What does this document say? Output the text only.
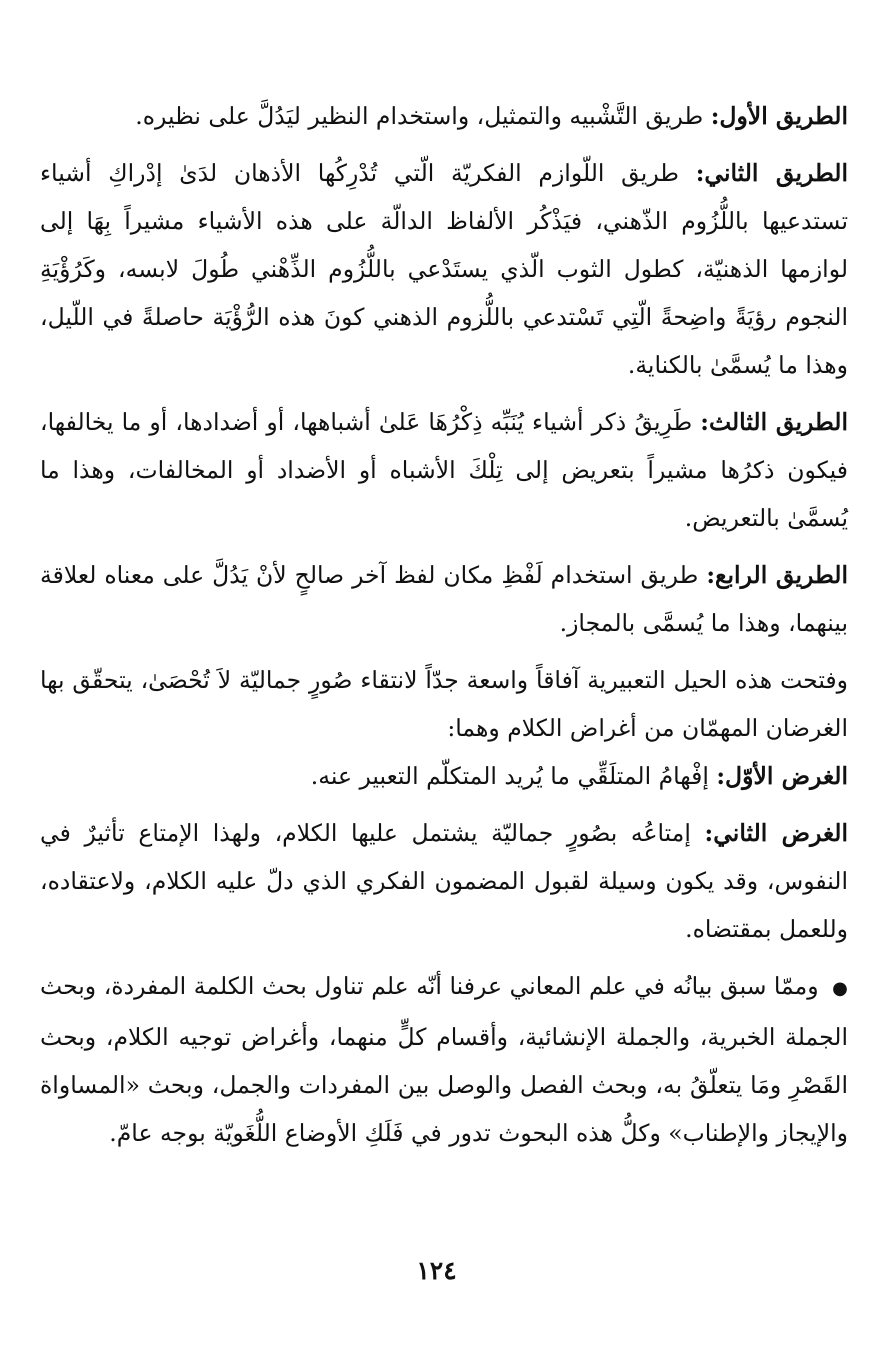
الطريق الأول: طريق التَّشْبيه والتمثيل، واستخدام النظير ليَدُلَّ على نظيره.

الطريق الثاني: طريق اللّوازم الفكريّة الّتي تُدْرِكُها الأذهان لدَىٰ إدْراكِ أشياء تستدعيها باللُّزُوم الذّهني، فيَذْكُر الألفاظ الدالّة على هذه الأشياء مشيراً بِهَا إلى لوازمها الذهنيّة، كطول الثوب الّذي يستَدْعي باللُّزُوم الذِّهْني طُولَ لابسه، وكَرُؤْيَةِ النجوم رؤيَةً واضِحةً الّتِي تَسْتدعي باللُّزوم الذهني كونَ هذه الرُّؤْيَة حاصلةً في اللّيل، وهذا ما يُسمَّىٰ بالكناية.

الطريق الثالث: طَرِيقُ ذكر أشياء يُنَبِّه ذِكْرُهَا عَلىٰ أشباهها، أو أضدادها، أو ما يخالفها، فيكون ذكرُها مشيراً بتعريض إلى تِلْكَ الأشباه أو الأضداد أو المخالفات، وهذا ما يُسمَّىٰ بالتعريض.

الطريق الرابع: طريق استخدام لَفْظِ مكان لفظ آخر صالحٍ لأنْ يَدُلَّ على معناه لعلاقة بينهما، وهذا ما يُسمَّى بالمجاز.

وفتحت هذه الحيل التعبيرية آفاقاً واسعة جدّاً لانتقاء صُورٍ جماليّة لاَ تُحْصَىٰ، يتحقّق بها الغرضان المهمّان من أغراض الكلام وهما:

الغرض الأوّل: إفْهامُ المتلَقِّي ما يُريد المتكلّم التعبير عنه.

الغرض الثاني: إمتاعُه بصُورٍ جماليّة يشتمل عليها الكلام، ولهذا الإمتاع تأثيرٌ في النفوس، وقد يكون وسيلة لقبول المضمون الفكري الذي دلّ عليه الكلام، ولاعتقاده، وللعمل بمقتضاه.

● وممّا سبق بيانُه في علم المعاني عرفنا أنّه علم تناول بحث الكلمة المفردة، وبحث الجملة الخبرية، والجملة الإنشائية، وأقسام كلٍّ منهما، وأغراض توجيه الكلام، وبحث القَصْرِ ومَا يتعلّقُ به، وبحث الفصل والوصل بين المفردات والجمل، وبحث «المساواة والإيجاز والإطناب» وكلُّ هذه البحوث تدور في فَلَكِ الأوضاع اللُّغَويّة بوجه عامّ.

١٢٤
